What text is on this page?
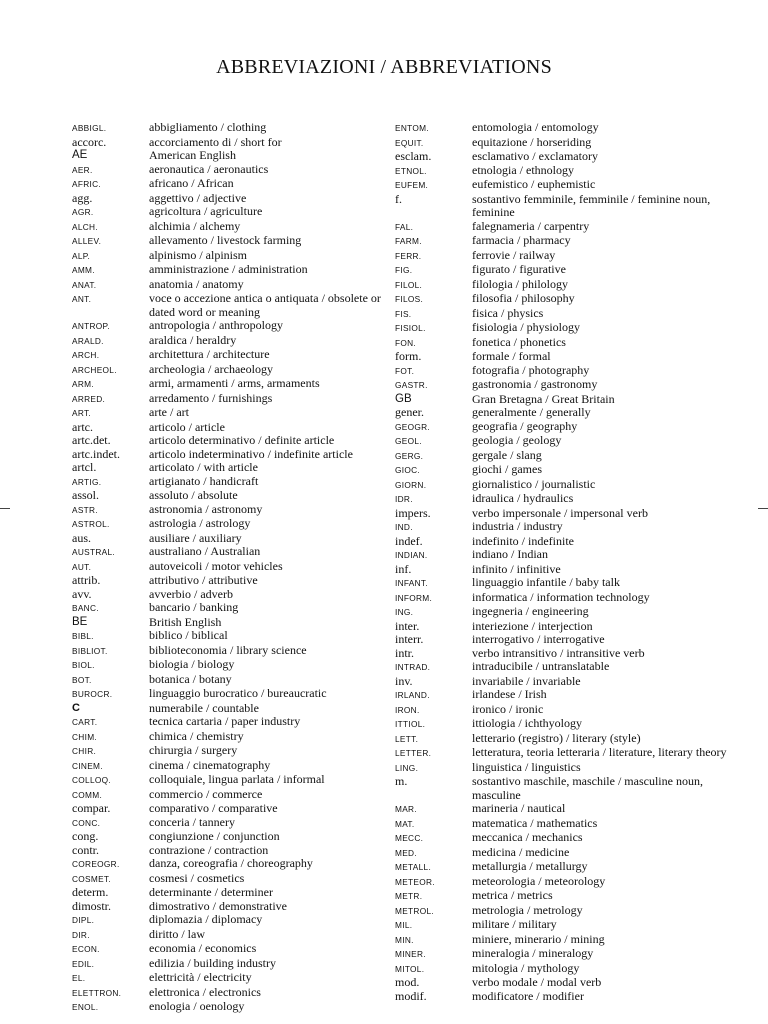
ABBREVIAZIONI / ABBREVIATIONS
ABBIGL.	abbigliamento / clothing
accorc.	accorciamento di / short for
AE	American English
AER.	aeronautica / aeronautics
AFRIC.	africano / African
agg.	aggettivo / adjective
AGR.	agricoltura / agriculture
ALCH.	alchimia / alchemy
ALLEV.	allevamento / livestock farming
ALP.	alpinismo / alpinism
AMM.	amministrazione / administration
ANAT.	anatomia / anatomy
ANT.	voce o accezione antica o antiquata / obsolete or dated word or meaning
ANTROP.	antropologia / anthropology
ARALD.	araldica / heraldry
ARCH.	architettura / architecture
ARCHEOL.	archeologia / archaeology
ARM.	armi, armamenti / arms, armaments
ARRED.	arredamento / furnishings
ART.	arte / art
artc.	articolo / article
artc.det.	articolo determinativo / definite article
artc.indet.	articolo indeterminativo / indefinite article
artcl.	articolato / with article
ARTIG.	artigianato / handicraft
assol.	assoluto / absolute
ASTR.	astronomia / astronomy
ASTROL.	astrologia / astrology
aus.	ausiliare / auxiliary
AUSTRAL.	australiano / Australian
AUT.	autoveicoli / motor vehicles
attrib.	attributivo / attributive
avv.	avverbio / adverb
BANC.	bancario / banking
BE	British English
BIBL.	biblico / biblical
BIBLIOT.	biblioteconomia / library science
BIOL.	biologia / biology
BOT.	botanica / botany
BUROCR.	linguaggio burocratico / bureaucratic
C	numerabile / countable
CART.	tecnica cartaria / paper industry
CHIM.	chimica / chemistry
CHIR.	chirurgia / surgery
CINEM.	cinema / cinematography
COLLOQ.	colloquiale, lingua parlata / informal
COMM.	commercio / commerce
compar.	comparativo / comparative
CONC.	conceria / tannery
cong.	congiunzione / conjunction
contr.	contrazione / contraction
COREOGR.	danza, coreografia / choreography
COSMET.	cosmesi / cosmetics
determ.	determinante / determiner
dimostr.	dimostrativo / demonstrative
DIPL.	diplomazia / diplomacy
DIR.	diritto / law
ECON.	economia / economics
EDIL.	edilizia / building industry
EL.	elettricità / electricity
ELETTRON.	elettronica / electronics
ENOL.	enologia / oenology
ENTOM.	entomologia / entomology
EQUIT.	equitazione / horseriding
esclam.	esclamativo / exclamatory
ETNOL.	etnologia / ethnology
EUFEM.	eufemistico / euphemistic
f.	sostantivo femminile, femminile / feminine noun, feminine
FAL.	falegnameria / carpentry
FARM.	farmacia / pharmacy
FERR.	ferrovie / railway
FIG.	figurato / figurative
FILOL.	filologia / philology
FILOS.	filosofia / philosophy
FIS.	fisica / physics
FISIOL.	fisiologia / physiology
FON.	fonetica / phonetics
form.	formale / formal
FOT.	fotografia / photography
GASTR.	gastronomia / gastronomy
GB	Gran Bretagna / Great Britain
gener.	generalmente / generally
GEOGR.	geografia / geography
GEOL.	geologia / geology
GERG.	gergale / slang
GIOC.	giochi / games
GIORN.	giornalistico / journalistic
IDR.	idraulica / hydraulics
impers.	verbo impersonale / impersonal verb
IND.	industria / industry
indef.	indefinito / indefinite
INDIAN.	indiano / Indian
inf.	infinito / infinitive
INFANT.	linguaggio infantile / baby talk
INFORM.	informatica / information technology
ING.	ingegneria / engineering
inter.	interiezione / interjection
interr.	interrogativo / interrogative
intr.	verbo intransitivo / intransitive verb
INTRAD.	intraducibile / untranslatable
inv.	invariabile / invariable
IRLAND.	irlandese / Irish
IRON.	ironico / ironic
ITTIOL.	ittiologia / ichthyology
LETT.	letterario (registro) / literary (style)
LETTER.	letteratura, teoria letteraria / literature, literary theory
LING.	linguistica / linguistics
m.	sostantivo maschile, maschile / masculine noun, masculine
MAR.	marineria / nautical
MAT.	matematica / mathematics
MECC.	meccanica / mechanics
MED.	medicina / medicine
METALL.	metallurgia / metallurgy
METEOR.	meteorologia / meteorology
METR.	metrica / metrics
METROL.	metrologia / metrology
MIL.	militare / military
MIN.	miniere, minerario / mining
MINER.	mineralogia / mineralogy
MITOL.	mitologia / mythology
mod.	verbo modale / modal verb
modif.	modificatore / modifier
